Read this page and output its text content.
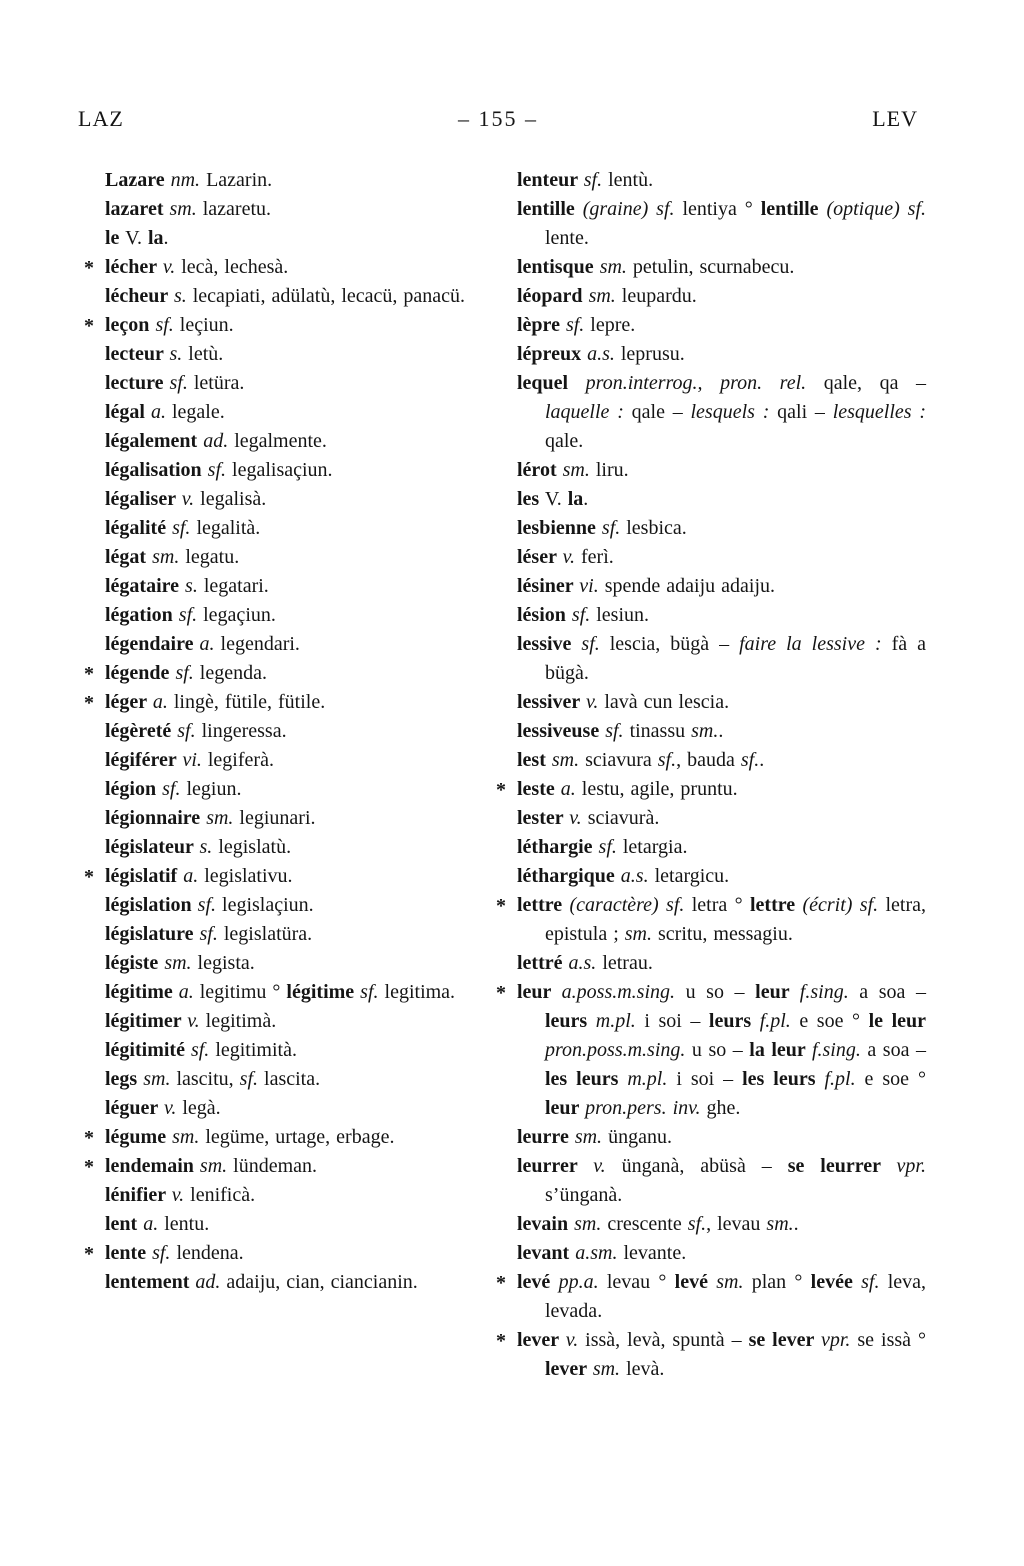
LAZ	– 155 –	LEV

Lazare nm. Lazarin.

lazaret sm. lazaretu.

le V. la.

* lécher v. lecà, lechesà.

lécheur s. lecapiati, adülatù, lecacü, panacü.

* leçon sf. leçiun.

lecteur s. letù.

lecture sf. letüra.

légal a. legale.

légalement ad. legalmente.

légalisation sf. legalisaçiun.

légaliser v. legalisà.

légalité sf. legalità.

légat sm. legatu.

légataire s. legatari.

légation sf. legaçiun.

légendaire a. legendari.

* légende sf. legenda.

* léger a. lingè, fütile, fütile.

légèreté sf. lingeressa.

légiférer vi. legiferà.

légion sf. legiun.

légionnaire sm. legiunari.

législateur s. legislatù.

* législatif a. legislativu.

législation sf. legislaçiun.

législature sf. legislatüra.

légiste sm. legista.

légitime a. legitimu ° légitime sf. legitima.

légitimer v. legitimà.

légitimité sf. legitimità.

legs sm. lascitu, sf. lascita.

léguer v. legà.

* légume sm. legüme, urtage, erbage.

* lendemain sm. lündeman.

lénifier v. lenificà.

lent a. lentu.

* lente sf. lendena.

lentement ad. adaiju, cian, ciancianin.

lenteur sf. lentù.

lentille (graine) sf. lentiya ° lentille (optique) sf. lente.

lentisque sm. petulin, scurnabecu.

léopard sm. leupardu.

lèpre sf. lepre.

lépreux a.s. leprusu.

lequel pron.interrog., pron. rel. qale, qa – laquelle : qale – lesquels : qali – lesquelles : qale.

lérot sm. liru.

les V. la.

lesbienne sf. lesbica.

léser v. ferì.

lésiner vi. spende adaiju adaiju.

lésion sf. lesiun.

lessive sf. lescia, bügà – faire la lessive : fà a bügà.

lessiver v. lavà cun lescia.

lessiveuse sf. tinassu sm..

lest sm. sciavura sf., bauda sf..

* leste a. lestu, agile, pruntu.

lester v. sciavurà.

léthargie sf. letargia.

léthargique a.s. letargicu.

* lettre (caractère) sf. letra ° lettre (écrit) sf. letra, epistula ; sm. scritu, messagiu.

lettré a.s. letrau.

* leur a.poss.m.sing. u so – leur f.sing. a soa – leurs m.pl. i soi – leurs f.pl. e soe ° le leur pron.poss.m.sing. u so – la leur f.sing. a soa – les leurs m.pl. i soi – les leurs f.pl. e soe ° leur pron.pers. inv. ghe.

leurre sm. ünganu.

leurrer v. ünganà, abüsà – se leurrer vpr. s’ünganà.

levain sm. crescente sf., levau sm..

levant a.sm. levante.

* levé pp.a. levau ° levé sm. plan ° levée sf. leva, levada.

* lever v. issà, levà, spuntà – se lever vpr. se issà ° lever sm. levà.
